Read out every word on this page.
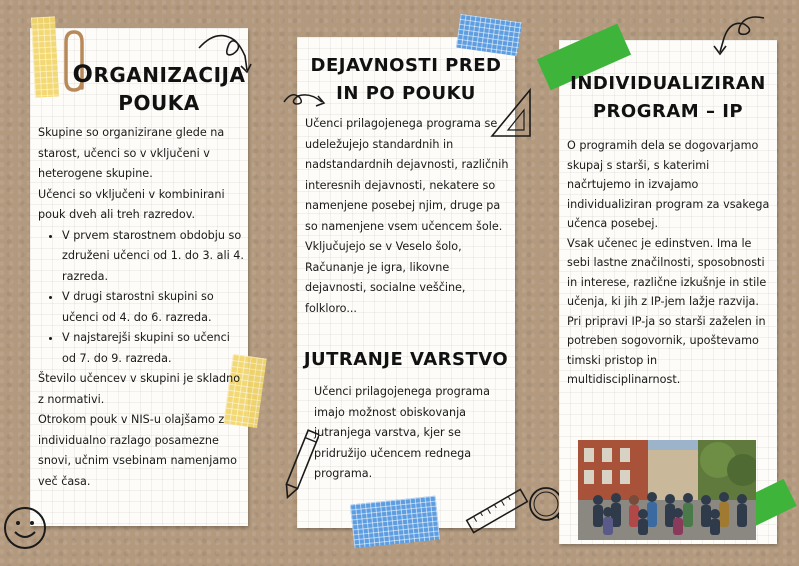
ORGANIZACIJA
POUKA

Skupine so organizirane glede na starost, učenci so v vključeni v heterogene skupine.

Učenci so vključeni v kombinirani pouk dveh ali treh razredov.

• V prvem starostnem obdobju so združeni učenci od 1. do 3. ali 4. razreda.
• V drugi starostni skupini so učenci od 4. do 6. razreda.
• V najstarejši skupini so učenci od 7. do 9. razreda.

Število učencev v skupini je skladno z normativi.

Otrokom pouk v NIS-u olajšamo z individualno razlago posamezne snovi, učnim vsebinam namenjamo več časa.

DEJAVNOSTI PRED
IN PO POUKU

Učenci prilagojenega programa se udeležujejo standardnih in nadstandardnih dejavnosti, različnih interesnih dejavnosti, nekatere so namenjene posebej njim, druge pa so namenjene vsem učencem šole. Vključujejo se v Veselo šolo, Računanje je igra, likovne dejavnosti, socialne veščine, folkloro...

JUTRANJE VARSTVO

Učenci prilagojenega programa imajo možnost obiskovanja jutranjega varstva, kjer se pridružijo učencem rednega programa.

INDIVIDUALIZIRAN
PROGRAM – IP

O programih dela se dogovarjamo skupaj s starši, s katerimi načrtujemo in izvajamo individualiziran program za vsakega učenca posebej.

Vsak učenec je edinstven. Ima le sebi lastne značilnosti, sposobnosti in interese, različne izkušnje in stile učenja, ki jih z IP-jem lažje razvija.

Pri pripravi IP-ja so starši zaželen in potreben sogovornik, upoštevamo timski pristop in multidisciplinarnost.
